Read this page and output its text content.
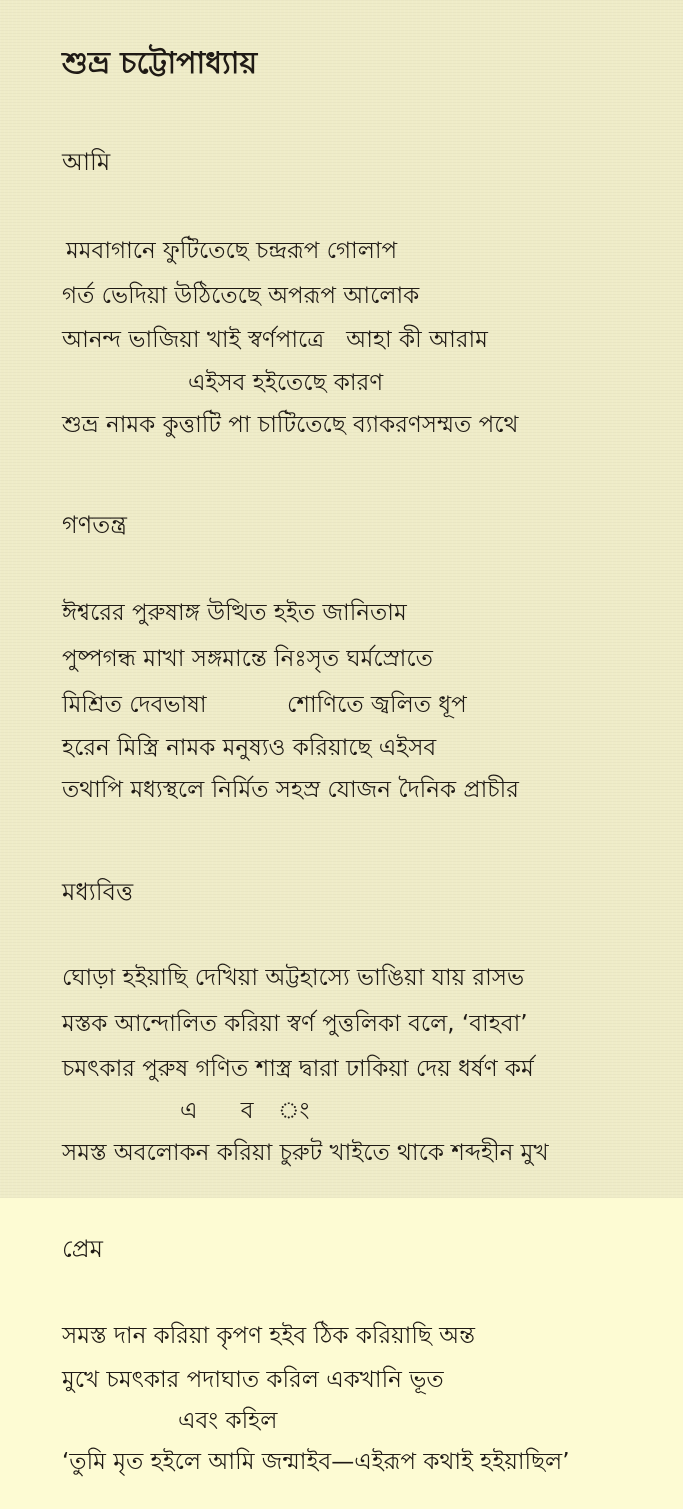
শুভ্র চট্টোপাধ্যায়
আমি
মমবাগানে ফুটিতেছে চন্দ্ররূপ গোলাপ
গর্ত ভেদিয়া উঠিতেছে অপরূপ আলোক
আনন্দ ভাজিয়া খাই স্বর্ণপাত্রে   আহা কী আরাম
এইসব হইতেছে কারণ
শুভ্র নামক কুত্তাটি পা চাটিতেছে ব্যাকরণসম্মত পথে
গণতন্ত্র
ঈশ্বরের পুরুষাঙ্গ উত্থিত হইত জানিতাম
পুষ্পগন্ধ মাখা সঙ্গমান্তে নিঃসৃত ঘর্মস্রোতে
মিশ্রিত দেবভাষা           শোণিতে জ্বলিত ধূপ
হরেন মিস্ত্রি নামক মনুষ্যও করিয়াছে এইসব
তথাপি মধ্যস্থলে নির্মিত সহস্র যোজন দৈনিক প্রাচীর
মধ্যবিত্ত
ঘোড়া হইয়াছি দেখিয়া অট্টহাস্যে ভাঙিয়া যায় রাসভ
মস্তক আন্দোলিত করিয়া স্বর্ণ পুত্তলিকা বলে, ‘বাহবা’
চমৎকার পুরুষ গণিত শাস্ত্র দ্বারা ঢাকিয়া দেয় ধর্ষণ কর্ম
এ ব ং
সমস্ত অবলোকন করিয়া চুরুট খাইতে থাকে শব্দহীন মুখ
প্রেম
সমস্ত দান করিয়া কৃপণ হইব ঠিক করিয়াছি অন্ত
মুখে চমৎকার পদাঘাত করিল একখানি ভূত
এবং কহিল
‘তুমি মৃত হইলে আমি জন্মাইব—এইরূপ কথাই হইয়াছিল’
